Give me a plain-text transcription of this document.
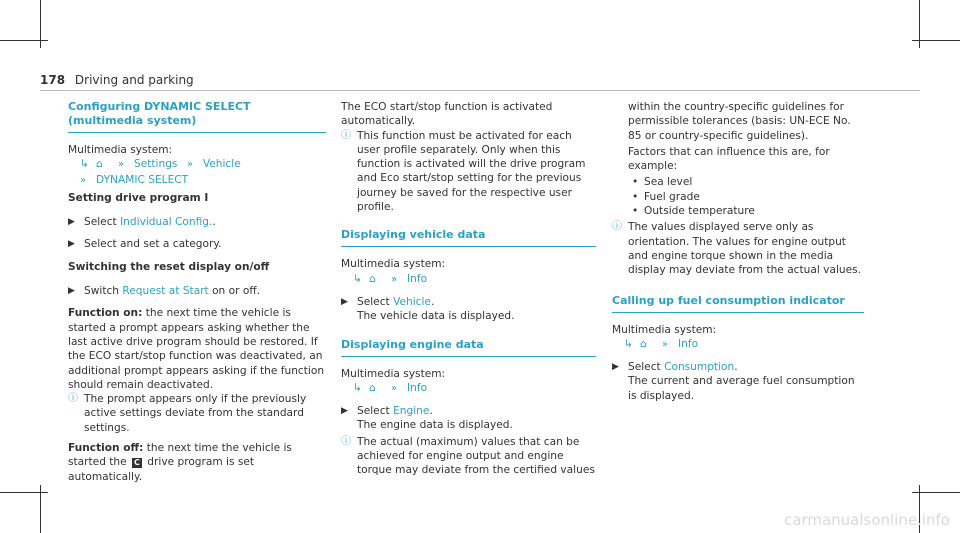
178 Driving and parking
Configuring DYNAMIC SELECT (multimedia system)

Multimedia system:

↳ ⌂ » Settings » Vehicle

» DYNAMIC SELECT

Setting drive program I

▶ Select Individual Config..
▶ Select and set a category.

Switching the reset display on/off

▶ Switch Request at Start on or off.

Function on: the next time the vehicle is started a prompt appears asking whether the last active drive program should be restored. If the ECO start/stop function was deactivated, an additional prompt appears asking if the function should remain deactivated.

ⓘ The prompt appears only if the previously active settings deviate from the standard settings.

Function off: the next time the vehicle is started the C drive program is set automatically.

The ECO start/stop function is activated automatically.

ⓘ This function must be activated for each user profile separately. Only when this function is activated will the drive program and Eco start/stop setting for the previous journey be saved for the respective user profile.
Displaying vehicle data

Multimedia system:

↳ ⌂ » Info

▶ Select Vehicle.
The vehicle data is displayed.
Displaying engine data

Multimedia system:

↳ ⌂ » Info

▶ Select Engine.
The engine data is displayed.
ⓘ The actual (maximum) values that can be achieved for engine output and engine torque may deviate from the certified values

within the country-specific guidelines for permissible tolerances (basis: UN-ECE No. 85 or country-specific guidelines).

Factors that can influence this are, for example:

• Sea level

• Fuel grade

• Outside temperature

ⓘ The values displayed serve only as orientation. The values for engine output and engine torque shown in the media display may deviate from the actual values.
Calling up fuel consumption indicator

Multimedia system:

↳ ⌂ » Info

▶ Select Consumption.
The current and average fuel consumption is displayed.
carmanualsonline.info
